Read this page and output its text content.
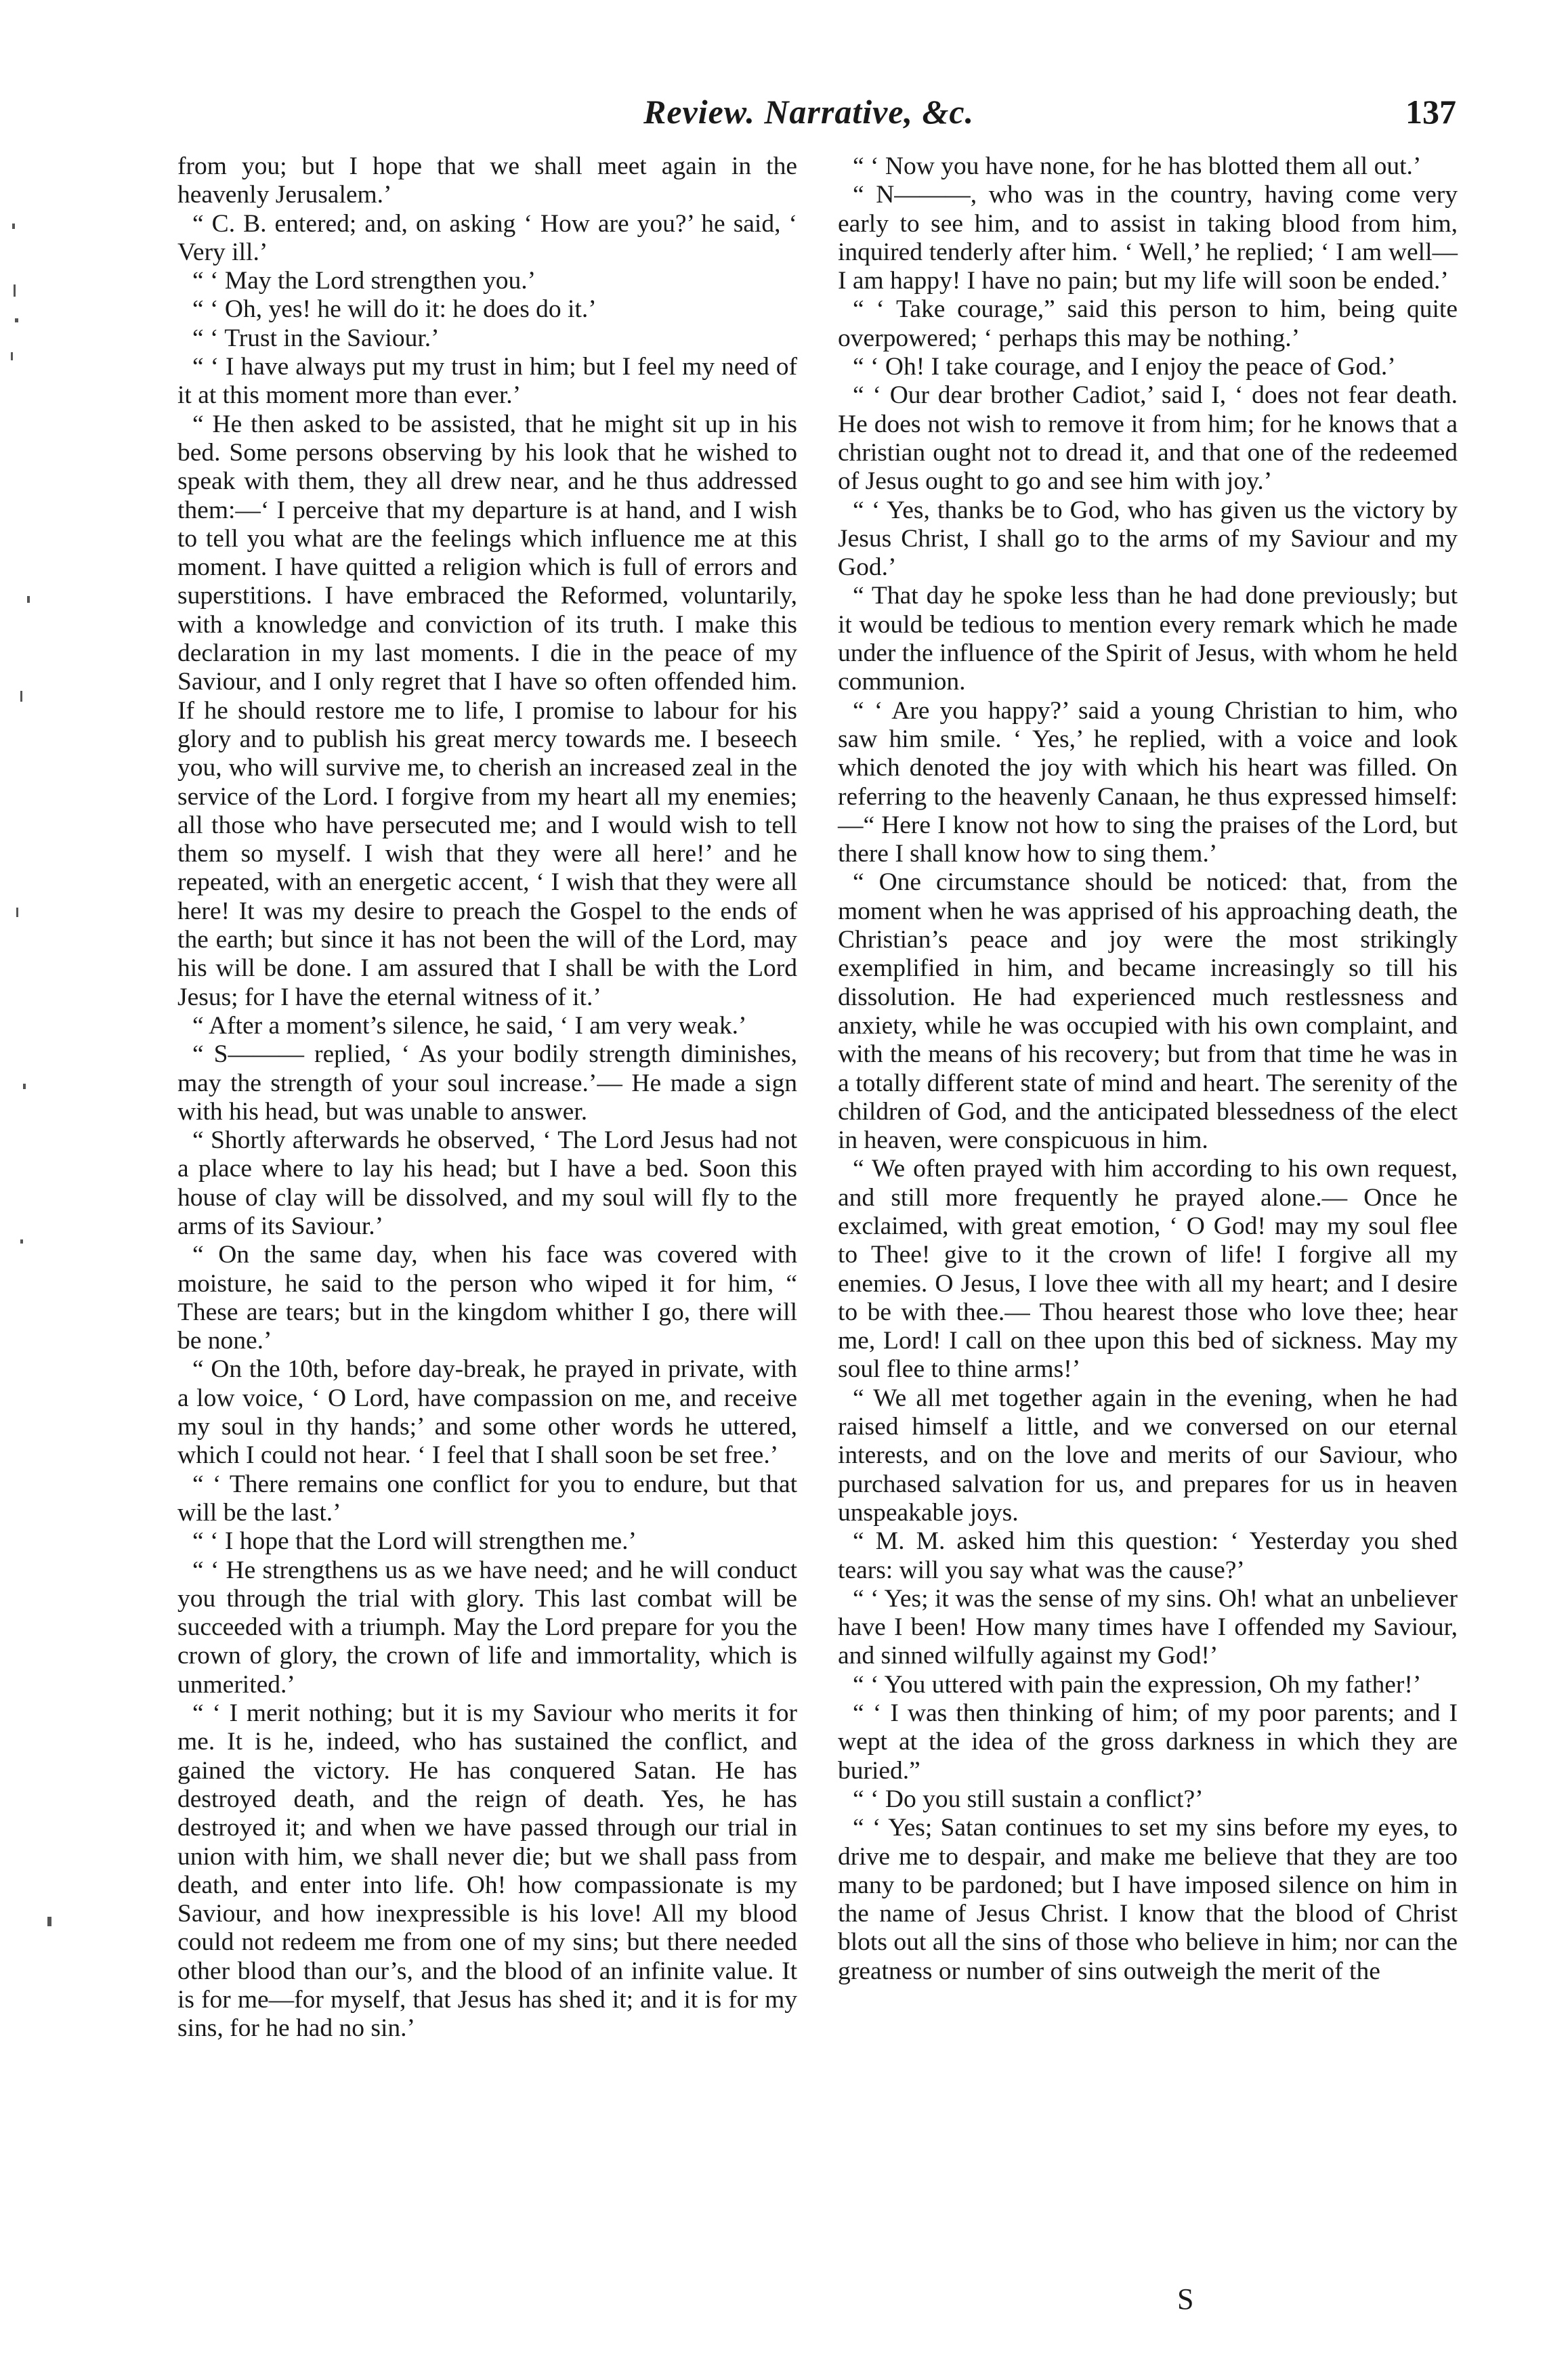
Review. Narrative, &c.	137

from you; but I hope that we shall meet again in the heavenly Jerusalem.’

“ C. B. entered; and, on asking ‘ How are you?’ he said, ‘ Very ill.’

“ ‘ May the Lord strengthen you.’

“ ‘ Oh, yes! he will do it: he does do it.’

“ ‘ Trust in the Saviour.’

“ ‘ I have always put my trust in him; but I feel my need of it at this moment more than ever.’

“ He then asked to be assisted, that he might sit up in his bed. Some persons observing by his look that he wished to speak with them, they all drew near, and he thus addressed them:—‘ I perceive that my departure is at hand, and I wish to tell you what are the feelings which influence me at this moment. I have quitted a religion which is full of errors and superstitions. I have embraced the Reformed, voluntarily, with a knowledge and conviction of its truth. I make this declaration in my last moments. I die in the peace of my Saviour, and I only regret that I have so often offended him. If he should restore me to life, I promise to labour for his glory and to publish his great mercy towards me. I beseech you, who will survive me, to cherish an increased zeal in the service of the Lord. I forgive from my heart all my enemies; all those who have persecuted me; and I would wish to tell them so myself. I wish that they were all here!’ and he repeated, with an energetic accent, ‘ I wish that they were all here! It was my desire to preach the Gospel to the ends of the earth; but since it has not been the will of the Lord, may his will be done. I am assured that I shall be with the Lord Jesus; for I have the eternal witness of it.’

“ After a moment’s silence, he said, ‘ I am very weak.’

“ S——— replied, ‘ As your bodily strength diminishes, may the strength of your soul increase.’— He made a sign with his head, but was unable to answer.

“ Shortly afterwards he observed, ‘ The Lord Jesus had not a place where to lay his head; but I have a bed. Soon this house of clay will be dissolved, and my soul will fly to the arms of its Saviour.’

“ On the same day, when his face was covered with moisture, he said to the person who wiped it for him, “ These are tears; but in the kingdom whither I go, there will be none.’

“ On the 10th, before day-break, he prayed in private, with a low voice, ‘ O Lord, have compassion on me, and receive my soul in thy hands;’ and some other words he uttered, which I could not hear. ‘ I feel that I shall soon be set free.’

“ ‘ There remains one conflict for you to endure, but that will be the last.’

“ ‘ I hope that the Lord will strengthen me.’

“ ‘ He strengthens us as we have need; and he will conduct you through the trial with glory. This last combat will be succeeded with a triumph. May the Lord prepare for you the crown of glory, the crown of life and immortality, which is unmerited.’

“ ‘ I merit nothing; but it is my Saviour who merits it for me. It is he, indeed, who has sustained the conflict, and gained the victory. He has conquered Satan. He has destroyed death, and the reign of death. Yes, he has destroyed it; and when we have passed through our trial in union with him, we shall never die; but we shall pass from death, and enter into life. Oh! how compassionate is my Saviour, and how inexpressible is his love! All my blood could not redeem me from one of my sins; but there needed other blood than our’s, and the blood of an infinite value. It is for me—for myself, that Jesus has shed it; and it is for my sins, for he had no sin.’

“ ‘ Now you have none, for he has blotted them all out.’

“ N———, who was in the country, having come very early to see him, and to assist in taking blood from him, inquired tenderly after him. ‘ Well,’ he replied; ‘ I am well—I am happy! I have no pain; but my life will soon be ended.’

“ ‘ Take courage,” said this person to him, being quite overpowered; ‘ perhaps this may be nothing.’

“ ‘ Oh! I take courage, and I enjoy the peace of God.’

“ ‘ Our dear brother Cadiot,’ said I, ‘ does not fear death. He does not wish to remove it from him; for he knows that a christian ought not to dread it, and that one of the redeemed of Jesus ought to go and see him with joy.’

“ ‘ Yes, thanks be to God, who has given us the victory by Jesus Christ, I shall go to the arms of my Saviour and my God.’

“ That day he spoke less than he had done previously; but it would be tedious to mention every remark which he made under the influence of the Spirit of Jesus, with whom he held communion.

“ ‘ Are you happy?’ said a young Christian to him, who saw him smile. ‘ Yes,’ he replied, with a voice and look which denoted the joy with which his heart was filled. On referring to the heavenly Canaan, he thus expressed himself:—“ Here I know not how to sing the praises of the Lord, but there I shall know how to sing them.’

“ One circumstance should be noticed: that, from the moment when he was apprised of his approaching death, the Christian’s peace and joy were the most strikingly exemplified in him, and became increasingly so till his dissolution. He had experienced much restlessness and anxiety, while he was occupied with his own complaint, and with the means of his recovery; but from that time he was in a totally different state of mind and heart. The serenity of the children of God, and the anticipated blessedness of the elect in heaven, were conspicuous in him.

“ We often prayed with him according to his own request, and still more frequently he prayed alone.— Once he exclaimed, with great emotion, ‘ O God! may my soul flee to Thee! give to it the crown of life! I forgive all my enemies. O Jesus, I love thee with all my heart; and I desire to be with thee.— Thou hearest those who love thee; hear me, Lord! I call on thee upon this bed of sickness. May my soul flee to thine arms!’

“ We all met together again in the evening, when he had raised himself a little, and we conversed on our eternal interests, and on the love and merits of our Saviour, who purchased salvation for us, and prepares for us in heaven unspeakable joys.

“ M. M. asked him this question: ‘ Yesterday you shed tears: will you say what was the cause?’

“ ‘ Yes; it was the sense of my sins. Oh! what an unbeliever have I been! How many times have I offended my Saviour, and sinned wilfully against my God!’

“ ‘ You uttered with pain the expression, Oh my father!’

“ ‘ I was then thinking of him; of my poor parents; and I wept at the idea of the gross darkness in which they are buried.”

“ ‘ Do you still sustain a conflict?’

“ ‘ Yes; Satan continues to set my sins before my eyes, to drive me to despair, and make me believe that they are too many to be pardoned; but I have imposed silence on him in the name of Jesus Christ. I know that the blood of Christ blots out all the sins of those who believe in him; nor can the greatness or number of sins outweigh the merit of the

S
